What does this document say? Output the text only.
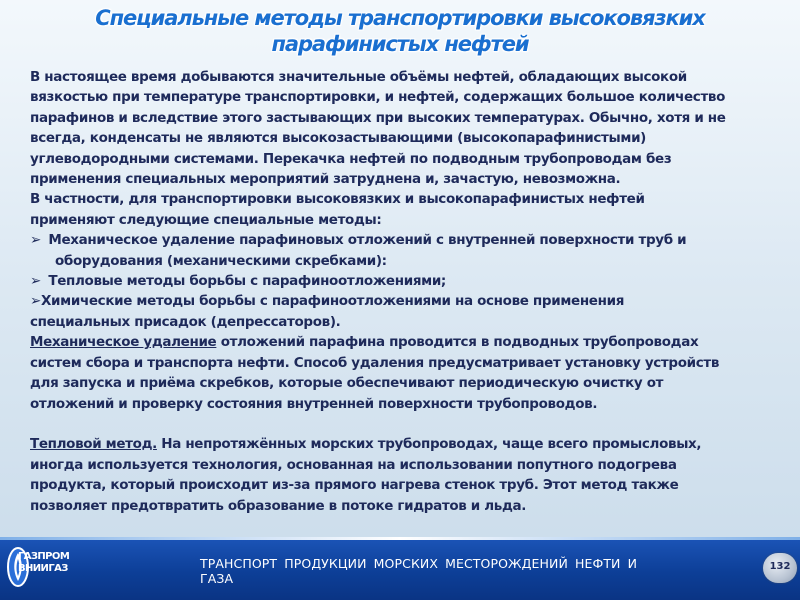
Специальные методы транспортировки высоковязких
парафинистых нефтей
В настоящее время добываются значительные объёмы нефтей, обладающих высокой
вязкостью при температуре транспортировки, и нефтей, содержащих большое количество
парафинов и вследствие этого застывающих при высоких температурах. Обычно, хотя и не
всегда, конденсаты не являются высокозастывающими (высокопарафинистыми)
углеводородными системами. Перекачка нефтей по подводным трубопроводам без
применения специальных мероприятий затруднена и, зачастую, невозможна.
В частности, для транспортировки высоковязких и высокопарафинистых нефтей
применяют следующие специальные методы:
➢ Механическое удаление парафиновых отложений с внутренней поверхности труб и
оборудования (механическими скребками):
➢ Тепловые методы борьбы с парафиноотложениями;
➢Химические методы борьбы с парафиноотложениями на основе применения
специальных присадок (депрессаторов).
Механическое удаление отложений парафина проводится в подводных трубопроводах
систем сбора и транспорта нефти. Способ удаления предусматривает установку устройств
для запуска и приёма скребков, которые обеспечивают периодическую очистку от
отложений и проверку состояния внутренней поверхности трубопроводов.
Тепловой метод. На непротяжённых морских трубопроводах, чаще всего промысловых,
иногда используется технология, основанная на использовании попутного подогрева
продукта, который происходит из-за прямого нагрева стенок труб. Этот метод также
позволяет предотвратить образование в потоке гидратов и льда.
ГАЗПРОМ
ВНИИГАЗ	ТРАНСПОРТ ПРОДУКЦИИ МОРСКИХ МЕСТОРОЖДЕНИЙ НЕФТИ И ГАЗА
132
